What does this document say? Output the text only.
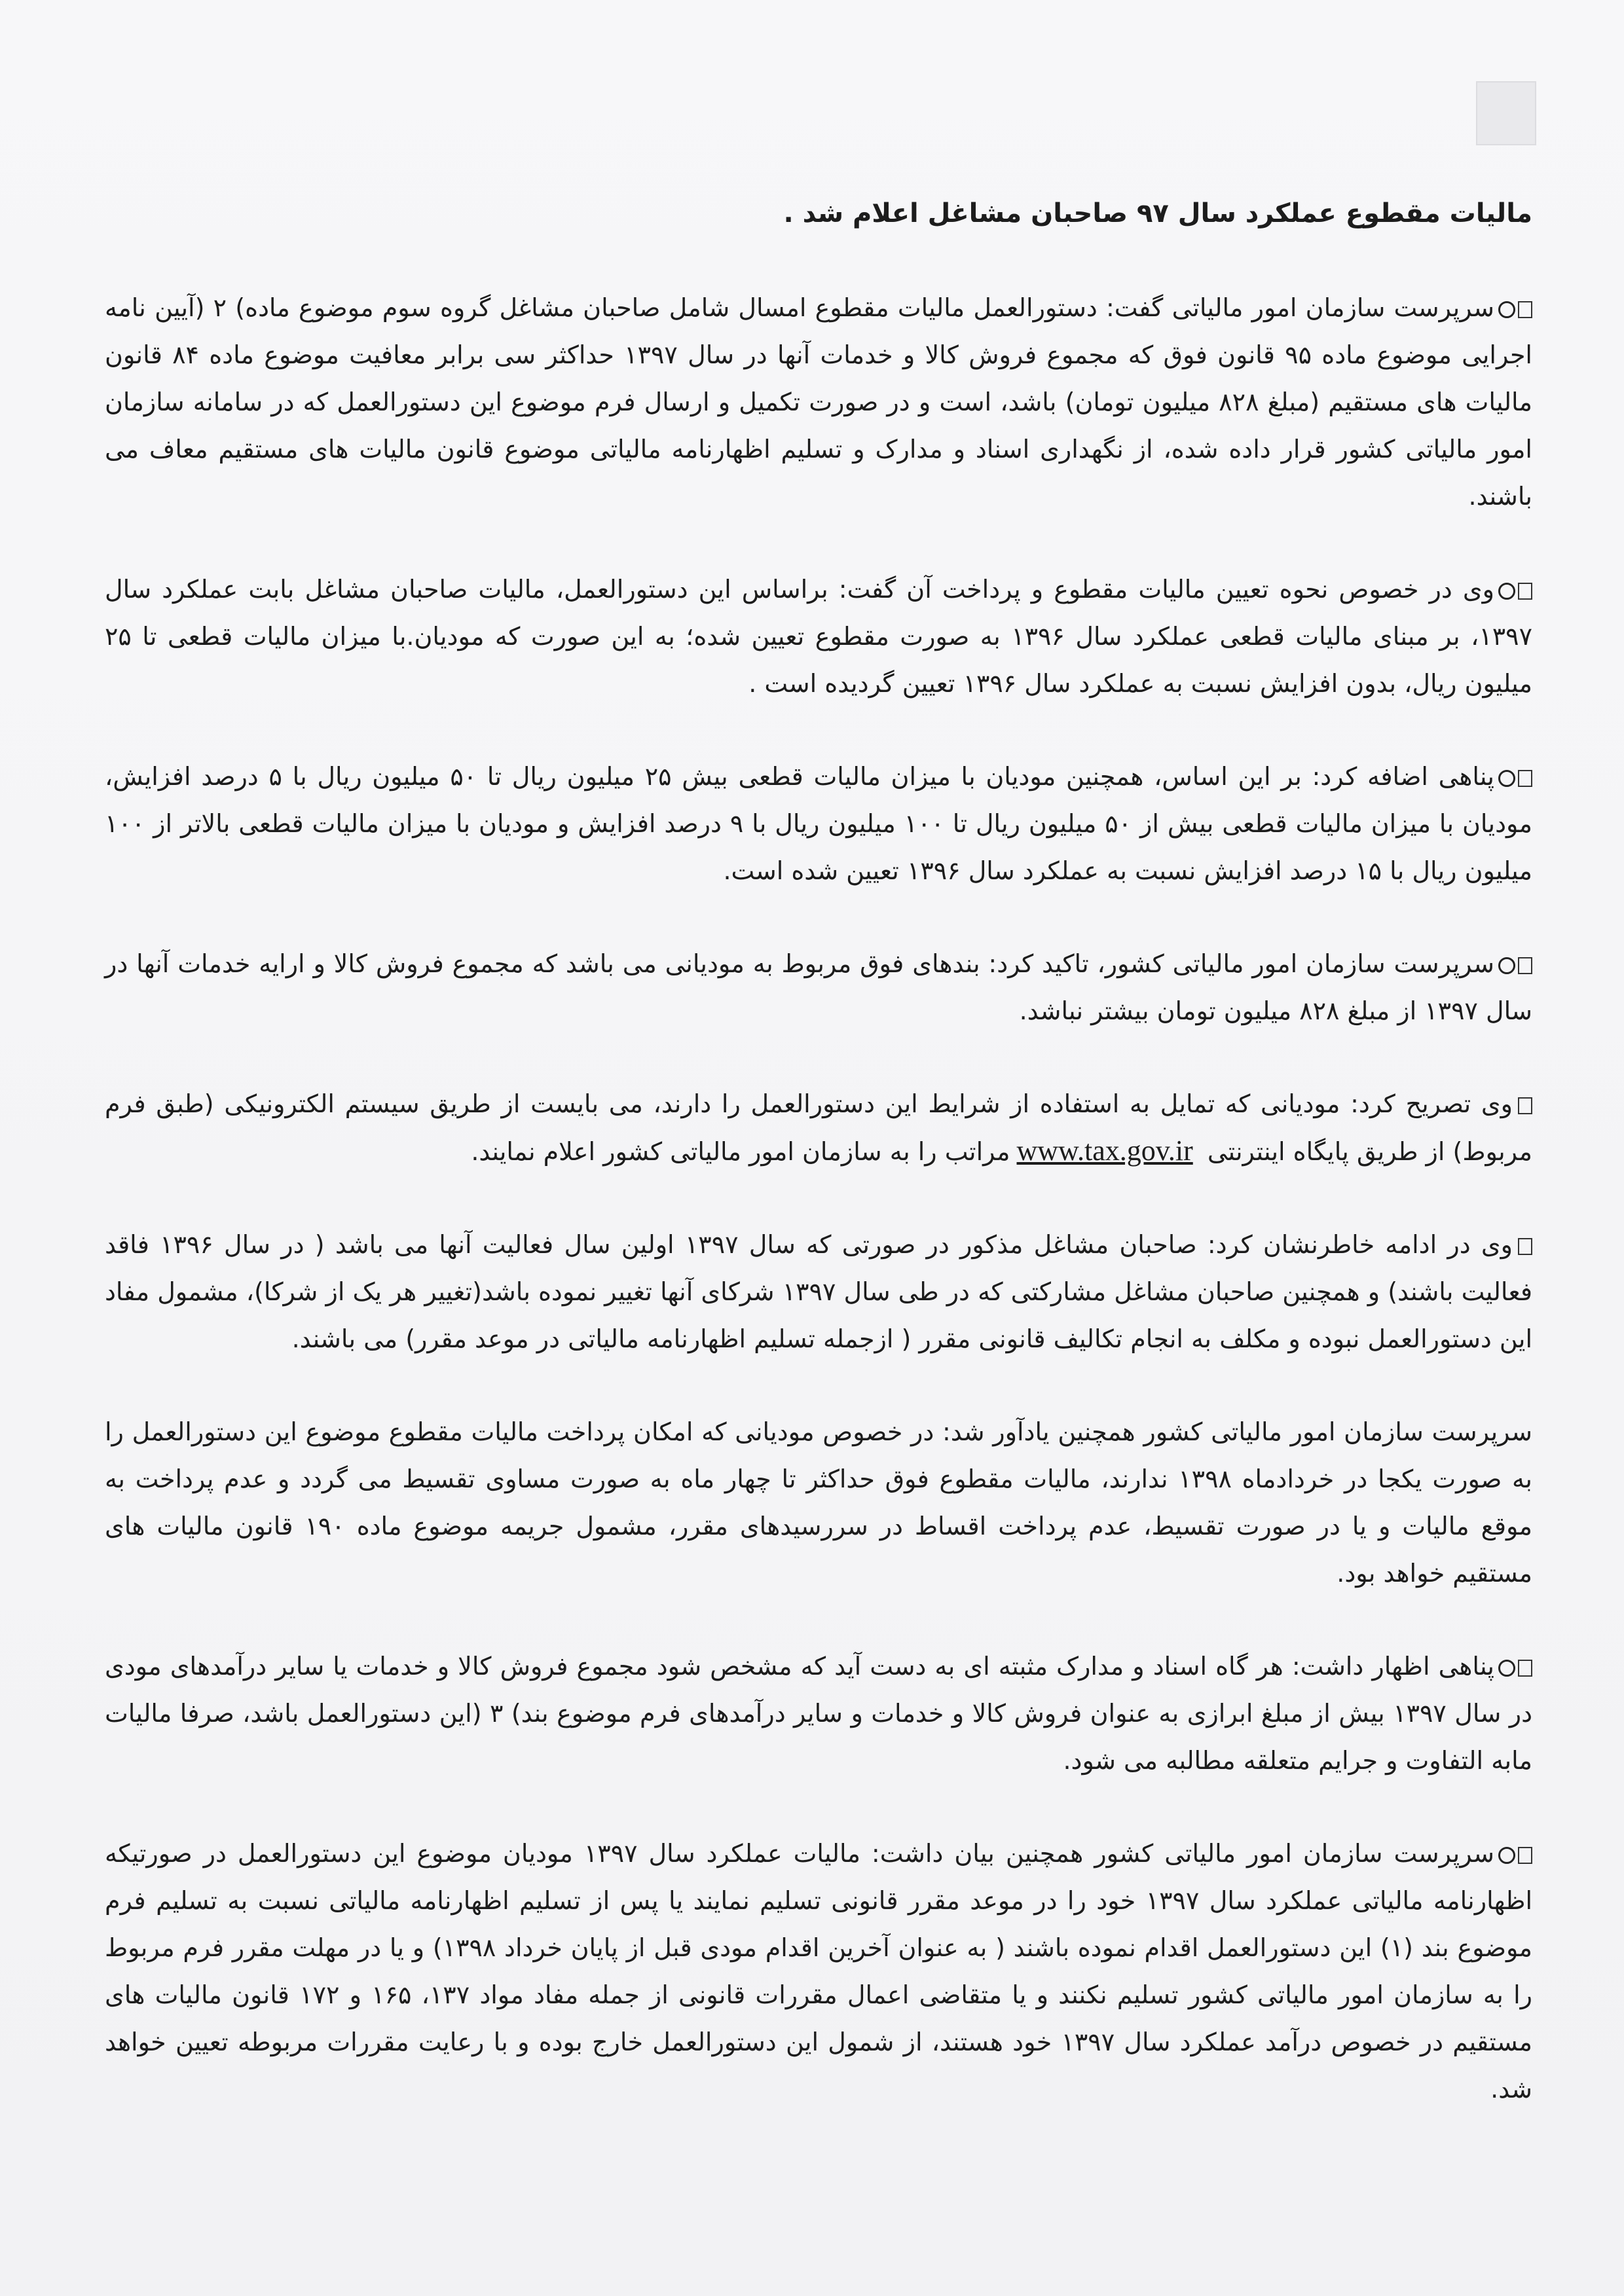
مالیات مقطوع عملکرد سال ۹۷ صاحبان مشاغل اعلام شد .

سرپرست سازمان امور مالیاتی گفت: دستورالعمل مالیات مقطوع امسال شامل صاحبان مشاغل گروه سوم موضوع ماده) ۲ (آیین نامه اجرایی موضوع ماده ۹۵ قانون فوق که مجموع فروش کالا و خدمات آنها در سال ۱۳۹۷ حداکثر سی برابر معافیت موضوع ماده ۸۴ قانون مالیات های مستقیم (مبلغ ۸۲۸ میلیون تومان) باشد، است و در صورت تکمیل و ارسال فرم موضوع این دستورالعمل که در سامانه سازمان امور مالیاتی کشور قرار داده شده، از نگهداری اسناد و مدارک و تسلیم اظهارنامه مالیاتی موضوع قانون مالیات های مستقیم معاف می باشند.

وی در خصوص نحوه تعیین مالیات مقطوع و پرداخت آن گفت: براساس این دستورالعمل، مالیات صاحبان مشاغل بابت عملکرد سال ۱۳۹۷، بر مبنای مالیات قطعی عملکرد سال ۱۳۹۶ به صورت مقطوع تعیین شده؛ به این صورت که مودیان.با میزان مالیات قطعی تا ۲۵ میلیون ریال، بدون افزایش نسبت به عملکرد سال ۱۳۹۶ تعیین گردیده است .

پناهی اضافه کرد: بر این اساس، همچنین مودیان با میزان مالیات قطعی بیش ۲۵ میلیون ریال تا ۵۰ میلیون ریال با ۵ درصد افزایش، مودیان با میزان مالیات قطعی بیش از ۵۰ میلیون ریال تا ۱۰۰ میلیون ریال با ۹ درصد افزایش و مودیان با میزان مالیات قطعی بالاتر از ۱۰۰ میلیون ریال با ۱۵ درصد افزایش نسبت به عملکرد سال ۱۳۹۶ تعیین شده است.

سرپرست سازمان امور مالیاتی کشور، تاکید کرد: بندهای فوق مربوط به مودیانی می باشد که مجموع فروش کالا و ارایه خدمات آنها در سال ۱۳۹۷ از مبلغ ۸۲۸ میلیون تومان بیشتر نباشد.

وی تصریح کرد: مودیانی که تمایل به استفاده از شرایط این دستورالعمل را دارند، می بایست از طریق سیستم الکترونیکی (طبق فرم مربوط) از طریق پایگاه اینترنتی www.tax.gov.irمراتب را به سازمان امور مالیاتی کشور اعلام نمایند.

وی در ادامه خاطرنشان کرد: صاحبان مشاغل مذکور در صورتی که سال ۱۳۹۷ اولین سال فعالیت آنها می باشد ( در سال ۱۳۹۶ فاقد فعالیت باشند) و همچنین صاحبان مشاغل مشارکتی که در طی سال ۱۳۹۷ شرکای آنها تغییر نموده باشد(تغییر هر یک از شرکا)، مشمول مفاد این دستورالعمل نبوده و مکلف به انجام تکالیف قانونی مقرر ( ازجمله تسلیم اظهارنامه مالیاتی در موعد مقرر) می باشند.

سرپرست سازمان امور مالیاتی کشور همچنین یادآور شد: در خصوص مودیانی که امکان پرداخت مالیات مقطوع موضوع این دستورالعمل را به صورت یکجا در خردادماه ۱۳۹۸ ندارند، مالیات مقطوع فوق حداکثر تا چهار ماه به صورت مساوی تقسیط می گردد و عدم پرداخت به موقع مالیات و یا در صورت تقسیط، عدم پرداخت اقساط در سررسیدهای مقرر، مشمول جریمه موضوع ماده ۱۹۰ قانون مالیات های مستقیم خواهد بود.

پناهی اظهار داشت: هر گاه اسناد و مدارک مثبته ای به دست آید که مشخص شود مجموع فروش کالا و خدمات یا سایر درآمدهای مودی در سال ۱۳۹۷ بیش از مبلغ ابرازی به عنوان فروش کالا و خدمات و سایر درآمدهای فرم موضوع بند) ۳ (این دستورالعمل باشد، صرفا مالیات مابه التفاوت و جرایم متعلقه مطالبه می شود.

سرپرست سازمان امور مالیاتی کشور همچنین بیان داشت: مالیات عملکرد سال ۱۳۹۷ مودیان موضوع این دستورالعمل در صورتیکه اظهارنامه مالیاتی عملکرد سال ۱۳۹۷ خود را در موعد مقرر قانونی تسلیم نمایند یا پس از تسلیم اظهارنامه مالیاتی نسبت به تسلیم فرم موضوع بند (۱) این دستورالعمل اقدام نموده باشند ( به عنوان آخرین اقدام مودی قبل از پایان خرداد ۱۳۹۸) و یا در مهلت مقرر فرم مربوط را به سازمان امور مالیاتی کشور تسلیم نکنند و یا متقاضی اعمال مقررات قانونی از جمله مفاد مواد ۱۳۷، ۱۶۵ و ۱۷۲ قانون مالیات های مستقیم در خصوص درآمد عملکرد سال ۱۳۹۷ خود هستند، از شمول این دستورالعمل خارج بوده و با رعایت مقررات مربوطه تعیین خواهد شد.
